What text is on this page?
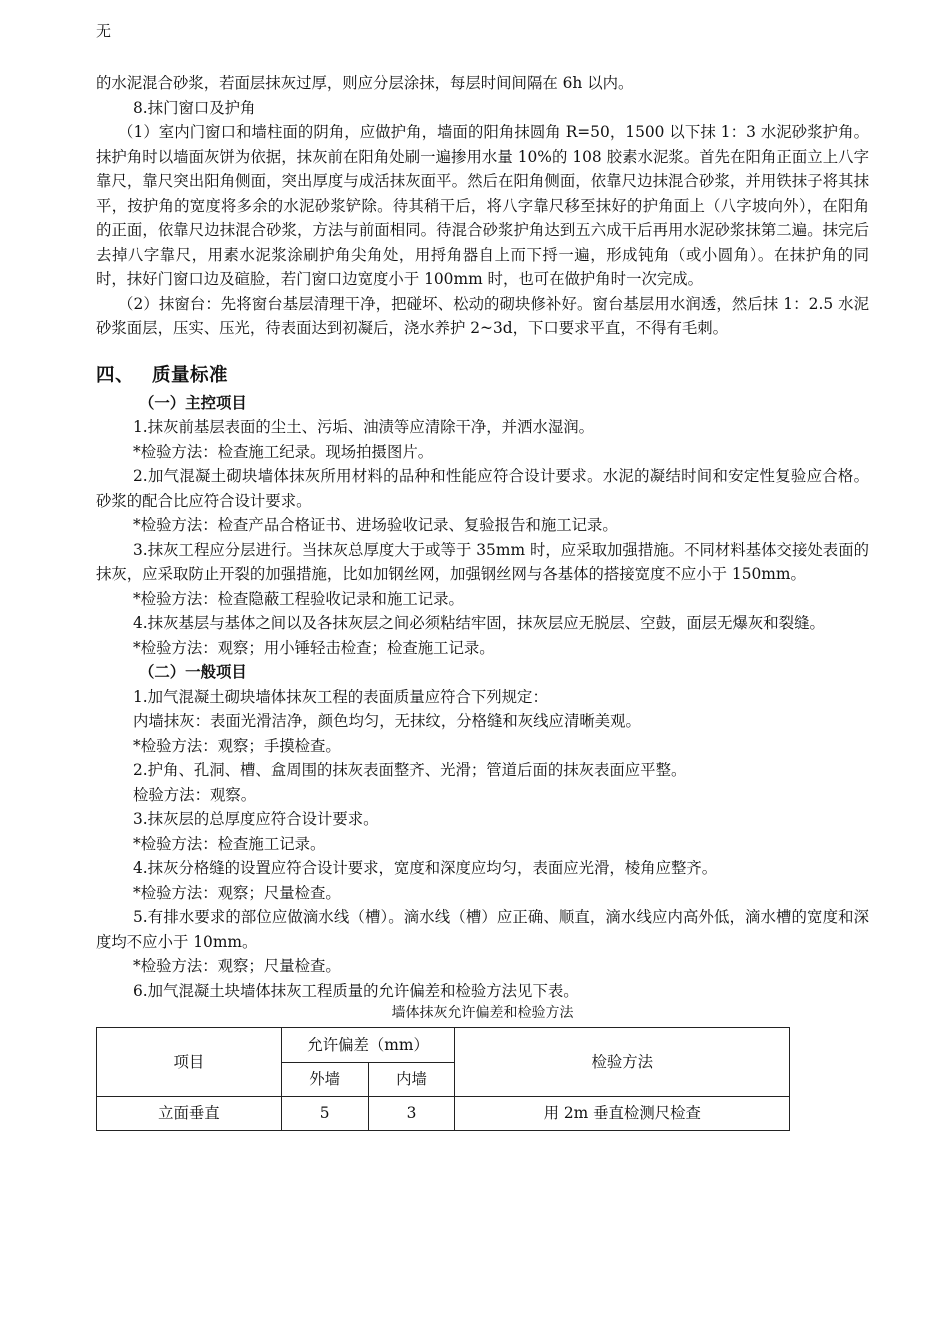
无

的水泥混合砂浆，若面层抹灰过厚，则应分层涂抹，每层时间间隔在 6h 以内。

8.抹门窗口及护角

（1）室内门窗口和墙柱面的阴角，应做护角，墙面的阳角抹圆角 R=50，1500 以下抹 1：3 水泥砂浆护角。抹护角时以墙面灰饼为依据，抹灰前在阳角处刷一遍掺用水量 10%的 108 胶素水泥浆。首先在阳角正面立上八字靠尺，靠尺突出阳角侧面，突出厚度与成活抹灰面平。然后在阳角侧面，依靠尺边抹混合砂浆，并用铁抹子将其抹平，按护角的宽度将多余的水泥砂浆铲除。待其稍干后，将八字靠尺移至抹好的护角面上（八字坡向外），在阳角的正面，依靠尺边抹混合砂浆，方法与前面相同。待混合砂浆护角达到五六成干后再用水泥砂浆抹第二遍。抹完后去掉八字靠尺，用素水泥浆涂刷护角尖角处，用捋角器自上而下捋一遍，形成钝角（或小圆角）。在抹护角的同时，抹好门窗口边及碹脸，若门窗口边宽度小于 100mm 时，也可在做护角时一次完成。

（2）抹窗台：先将窗台基层清理干净，把碰坏、松动的砌块修补好。窗台基层用水润透，然后抹 1：2.5 水泥砂浆面层，压实、压光，待表面达到初凝后，浇水养护 2~3d，下口要求平直，不得有毛刺。

四、 质量标准

（一）主控项目

1.抹灰前基层表面的尘土、污垢、油渍等应清除干净，并洒水湿润。

*检验方法：检查施工纪录。现场拍摄图片。

2.加气混凝土砌块墙体抹灰所用材料的品种和性能应符合设计要求。水泥的凝结时间和安定性复验应合格。砂浆的配合比应符合设计要求。

*检验方法：检查产品合格证书、进场验收记录、复验报告和施工记录。

3.抹灰工程应分层进行。当抹灰总厚度大于或等于 35mm 时，应采取加强措施。不同材料基体交接处表面的抹灰，应采取防止开裂的加强措施，比如加钢丝网，加强钢丝网与各基体的搭接宽度不应小于 150mm。

*检验方法：检查隐蔽工程验收记录和施工记录。

4.抹灰基层与基体之间以及各抹灰层之间必须粘结牢固，抹灰层应无脱层、空鼓，面层无爆灰和裂缝。

*检验方法：观察；用小锤轻击检查；检查施工记录。

（二）一般项目

1.加气混凝土砌块墙体抹灰工程的表面质量应符合下列规定：

内墙抹灰：表面光滑洁净，颜色均匀，无抹纹，分格缝和灰线应清晰美观。

*检验方法：观察；手摸检查。

2.护角、孔洞、槽、盒周围的抹灰表面整齐、光滑；管道后面的抹灰表面应平整。

检验方法：观察。

3.抹灰层的总厚度应符合设计要求。

*检验方法：检查施工记录。

4.抹灰分格缝的设置应符合设计要求，宽度和深度应均匀，表面应光滑，棱角应整齐。

*检验方法：观察；尺量检查。

5.有排水要求的部位应做滴水线（槽）。滴水线（槽）应正确、顺直，滴水线应内高外低，滴水槽的宽度和深度均不应小于 10mm。

*检验方法：观察；尺量检查。

6.加气混凝土块墙体抹灰工程质量的允许偏差和检验方法见下表。

墙体抹灰允许偏差和检验方法

项目	允许偏差（mm）		检验方法
	外墙	内墙	
立面垂直	5	3	用 2m 垂直检测尺检查
